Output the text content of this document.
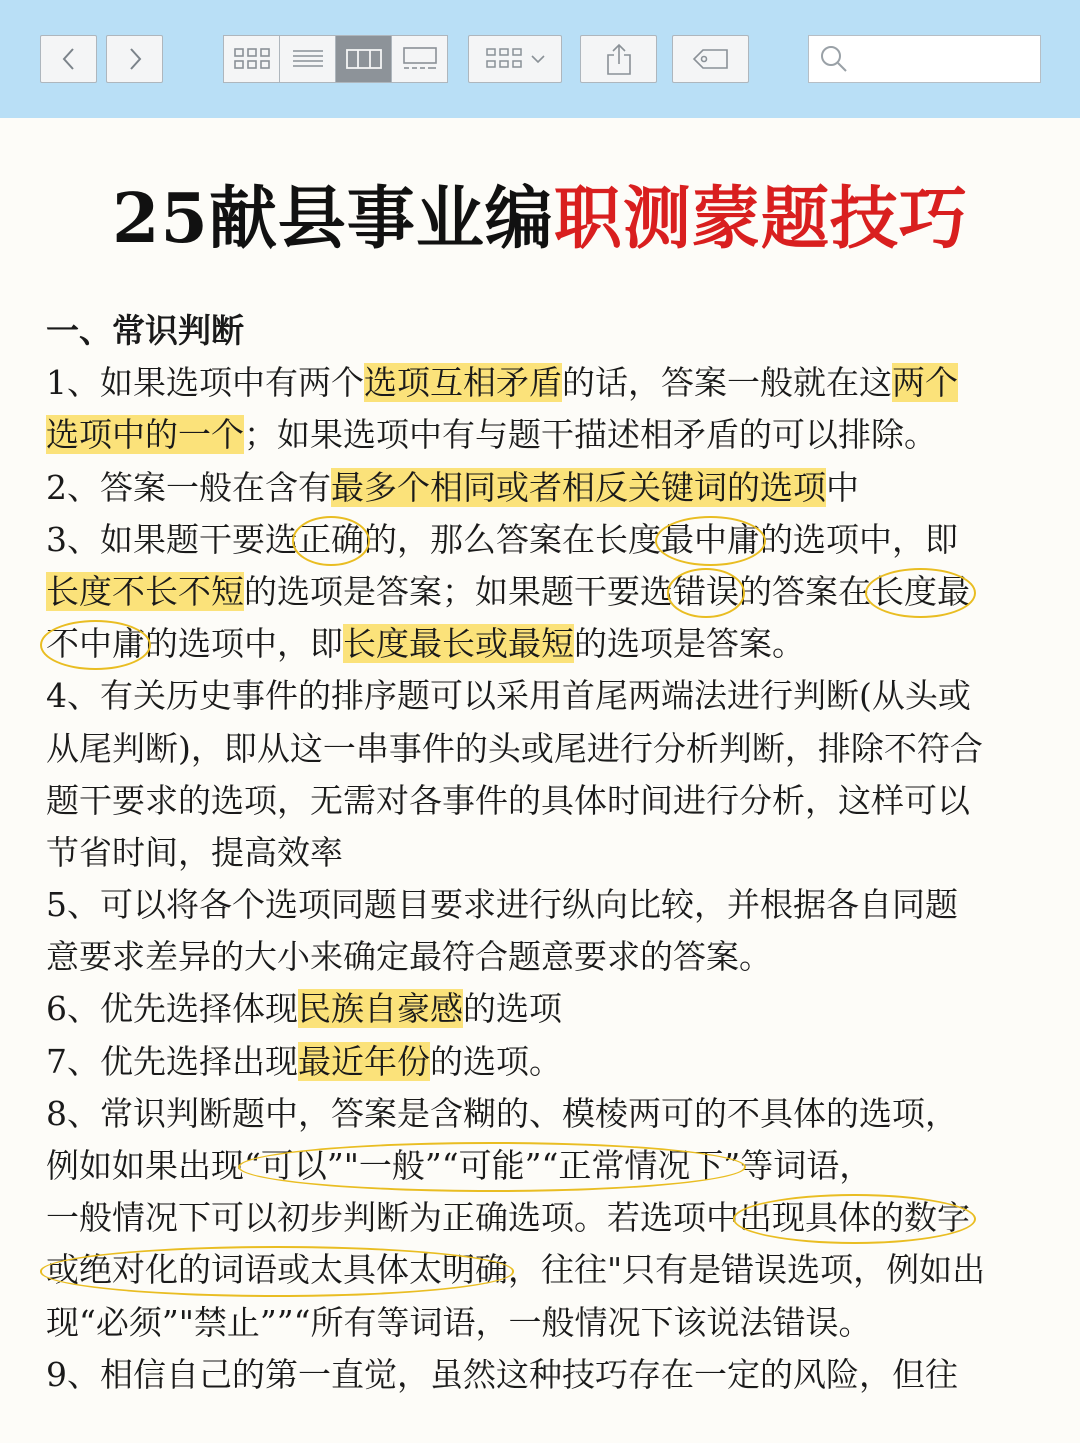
25献县事业编职测蒙题技巧
一、常识判断
1、如果选项中有两个选项互相矛盾的话，答案一般就在这两个
选项中的一个；如果选项中有与题干描述相矛盾的可以排除。
2、答案一般在含有最多个相同或者相反关键词的选项中
3、如果题干要选正确的，那么答案在长度最中庸的选项中，即
长度不长不短的选项是答案；如果题干要选错误的答案在长度最
不中庸的选项中，即长度最长或最短的选项是答案。
4、有关历史事件的排序题可以采用首尾两端法进行判断(从头或
从尾判断)，即从这一串事件的头或尾进行分析判断，排除不符合
题干要求的选项，无需对各事件的具体时间进行分析，这样可以
节省时间，提高效率
5、可以将各个选项同题目要求进行纵向比较，并根据各自同题
意要求差异的大小来确定最符合题意要求的答案。
6、优先选择体现民族自豪感的选项
7、优先选择出现最近年份的选项。
8、常识判断题中，答案是含糊的、模棱两可的不具体的选项，
例如如果出现“可以”"一般”“可能”“正常情况下”等词语，
一般情况下可以初步判断为正确选项。若选项中出现具体的数字
或绝对化的词语或太具体太明确，往往"只有是错误选项，例如出
现“必须”"禁止””“所有等词语，一般情况下该说法错误。
9、相信自己的第一直觉，虽然这种技巧存在一定的风险，但往
